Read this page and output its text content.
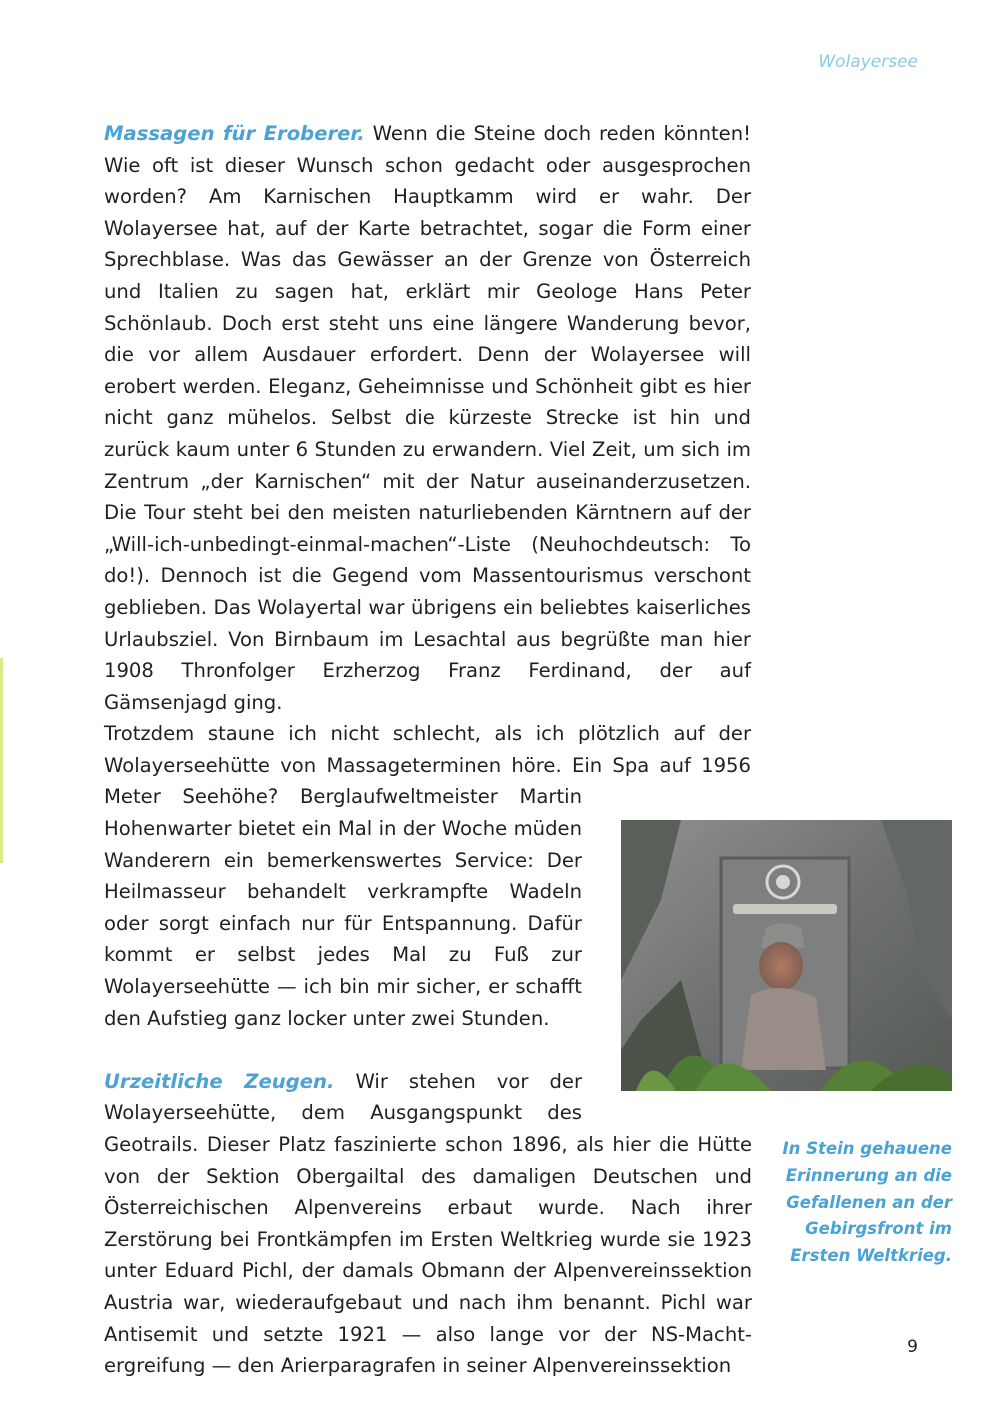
Wolayersee

Massagen für Eroberer. Wenn die Steine doch reden könnten! Wie oft ist dieser Wunsch schon gedacht oder ausgesprochen worden? Am Karnischen Hauptkamm wird er wahr. Der Wolayersee hat, auf der Karte betrachtet, sogar die Form einer Sprechblase. Was das Gewässer an der Grenze von Österreich und Italien zu sagen hat, erklärt mir Geologe Hans Peter Schönlaub. Doch erst steht uns eine längere Wanderung bevor, die vor allem Ausdauer erfordert. Denn der Wolayersee will erobert werden. Eleganz, Geheimnisse und Schönheit gibt es hier nicht ganz mühelos. Selbst die kürzeste Strecke ist hin und zurück kaum unter 6 Stunden zu erwandern. Viel Zeit, um sich im Zentrum „der Karnischen“ mit der Natur auseinanderzusetzen. Die Tour steht bei den meisten naturliebenden Kärntnern auf der „Will-ich-unbedingt-einmal-machen“-Liste (Neuhochdeutsch: To do!). Dennoch ist die Gegend vom Massentourismus verschont geblieben. Das Wolayertal war übrigens ein beliebtes kaiserliches Urlaubsziel. Von Birnbaum im Lesachtal aus begrüßte man hier 1908 Thronfolger Erzherzog Franz Ferdinand, der auf Gämsenjagd ging.

Trotzdem staune ich nicht schlecht, als ich plötzlich auf der Wolayerseehütte von Massageterminen höre. Ein Spa auf 1956 Meter Seehöhe? Berglaufweltmeister Martin Hohenwarter bietet ein Mal in der Woche müden Wanderern ein bemerkenswertes Service: Der Heilmasseur behandelt verkrampfte Wadeln oder sorgt einfach nur für Entspannung. Dafür kommt er selbst jedes Mal zu Fuß zur Wolayerseehütte — ich bin mir sicher, er schafft den Aufstieg ganz locker unter zwei Stunden.

Urzeitliche Zeugen. Wir stehen vor der Wolayerseehütte, dem Ausgangspunkt des Geotrails. Dieser Platz faszinierte schon 1896, als hier die Hütte von der Sektion Obergailtal des damaligen Deutschen und Österreichischen Alpenvereins erbaut wurde. Nach ihrer Zerstörung bei Frontkämpfen im Ersten Weltkrieg wurde sie 1923 unter Eduard Pichl, der damals Obmann der Alpenvereinssektion Austria war, wiederaufgebaut und nach ihm benannt. Pichl war Antisemit und setzte 1921 — also lange vor der NS-Machtergreifung — den Arierparagrafen in seiner Alpenvereinssektion

In Stein gehauene
Erinnerung an die
Gefallenen an der
Gebirgsfront im
Ersten Weltkrieg.
9
